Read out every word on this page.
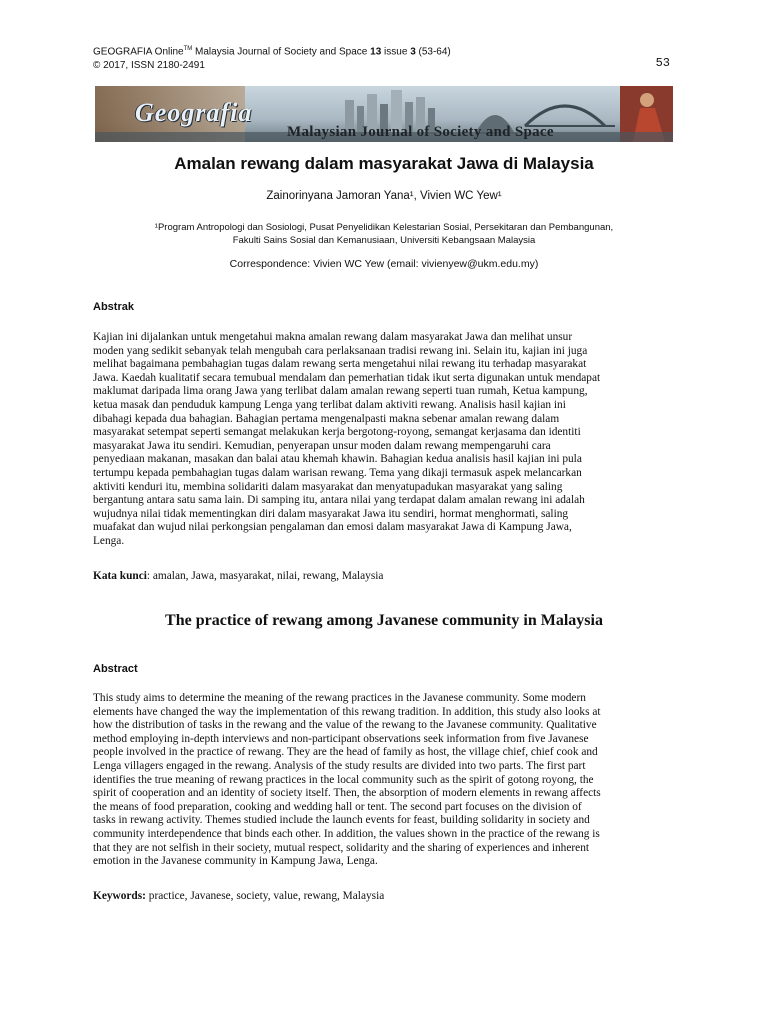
GEOGRAFIA Online™ Malaysia Journal of Society and Space 13 issue 3 (53-64)
© 2017, ISSN 2180-2491	53
Geografia
Malaysian Journal of Society and Space
Amalan rewang dalam masyarakat Jawa di Malaysia
Zainorinyana Jamoran Yana¹, Vivien WC Yew¹
¹Program Antropologi dan Sosiologi, Pusat Penyelidikan Kelestarian Sosial, Persekitaran dan Pembangunan,
Fakulti Sains Sosial dan Kemanusiaan, Universiti Kebangsaan Malaysia
Correspondence: Vivien WC Yew (email: vivienyew@ukm.edu.my)
Abstrak
Kajian ini dijalankan untuk mengetahui makna amalan rewang dalam masyarakat Jawa dan melihat unsur
moden yang sedikit sebanyak telah mengubah cara perlaksanaan tradisi rewang ini. Selain itu, kajian ini juga
melihat bagaimana pembahagian tugas dalam rewang serta mengetahui nilai rewang itu terhadap masyarakat
Jawa. Kaedah kualitatif secara temubual mendalam dan pemerhatian tidak ikut serta digunakan untuk mendapat
maklumat daripada lima orang Jawa yang terlibat dalam amalan rewang seperti tuan rumah, Ketua kampung,
ketua masak dan penduduk kampung Lenga yang terlibat dalam aktiviti rewang. Analisis hasil kajian ini
dibahagi kepada dua bahagian. Bahagian pertama mengenalpasti makna sebenar amalan rewang dalam
masyarakat setempat seperti semangat melakukan kerja bergotong-royong, semangat kerjasama dan identiti
masyarakat Jawa itu sendiri. Kemudian, penyerapan unsur moden dalam rewang mempengaruhi cara
penyediaan makanan, masakan dan balai atau khemah khawin. Bahagian kedua analisis hasil kajian ini pula
tertumpu kepada pembahagian tugas dalam warisan rewang. Tema yang dikaji termasuk aspek melancarkan
aktiviti kenduri itu, membina solidariti dalam masyarakat dan menyatupadukan masyarakat yang saling
bergantung antara satu sama lain. Di samping itu, antara nilai yang terdapat dalam amalan rewang ini adalah
wujudnya nilai tidak mementingkan diri dalam masyarakat Jawa itu sendiri, hormat menghormati, saling
muafakat dan wujud nilai perkongsian pengalaman dan emosi dalam masyarakat Jawa di Kampung Jawa,
Lenga.
Kata kunci: amalan, Jawa, masyarakat, nilai, rewang, Malaysia
The practice of rewang among Javanese community in Malaysia
Abstract
This study aims to determine the meaning of the rewang practices in the Javanese community. Some modern
elements have changed the way the implementation of this rewang tradition. In addition, this study also looks at
how the distribution of tasks in the rewang and the value of the rewang to the Javanese community. Qualitative
method employing in-depth interviews and non-participant observations seek information from five Javanese
people involved in the practice of rewang. They are the head of family as host, the village chief, chief cook and
Lenga villagers engaged in the rewang. Analysis of the study results are divided into two parts. The first part
identifies the true meaning of rewang practices in the local community such as the spirit of gotong royong, the
spirit of cooperation and an identity of society itself. Then, the absorption of modern elements in rewang affects
the means of food preparation, cooking and wedding hall or tent. The second part focuses on the division of
tasks in rewang activity. Themes studied include the launch events for feast, building solidarity in society and
community interdependence that binds each other. In addition, the values shown in the practice of the rewang is
that they are not selfish in their society, mutual respect, solidarity and the sharing of experiences and inherent
emotion in the Javanese community in Kampung Jawa, Lenga.
Keywords: practice, Javanese, society, value, rewang, Malaysia
